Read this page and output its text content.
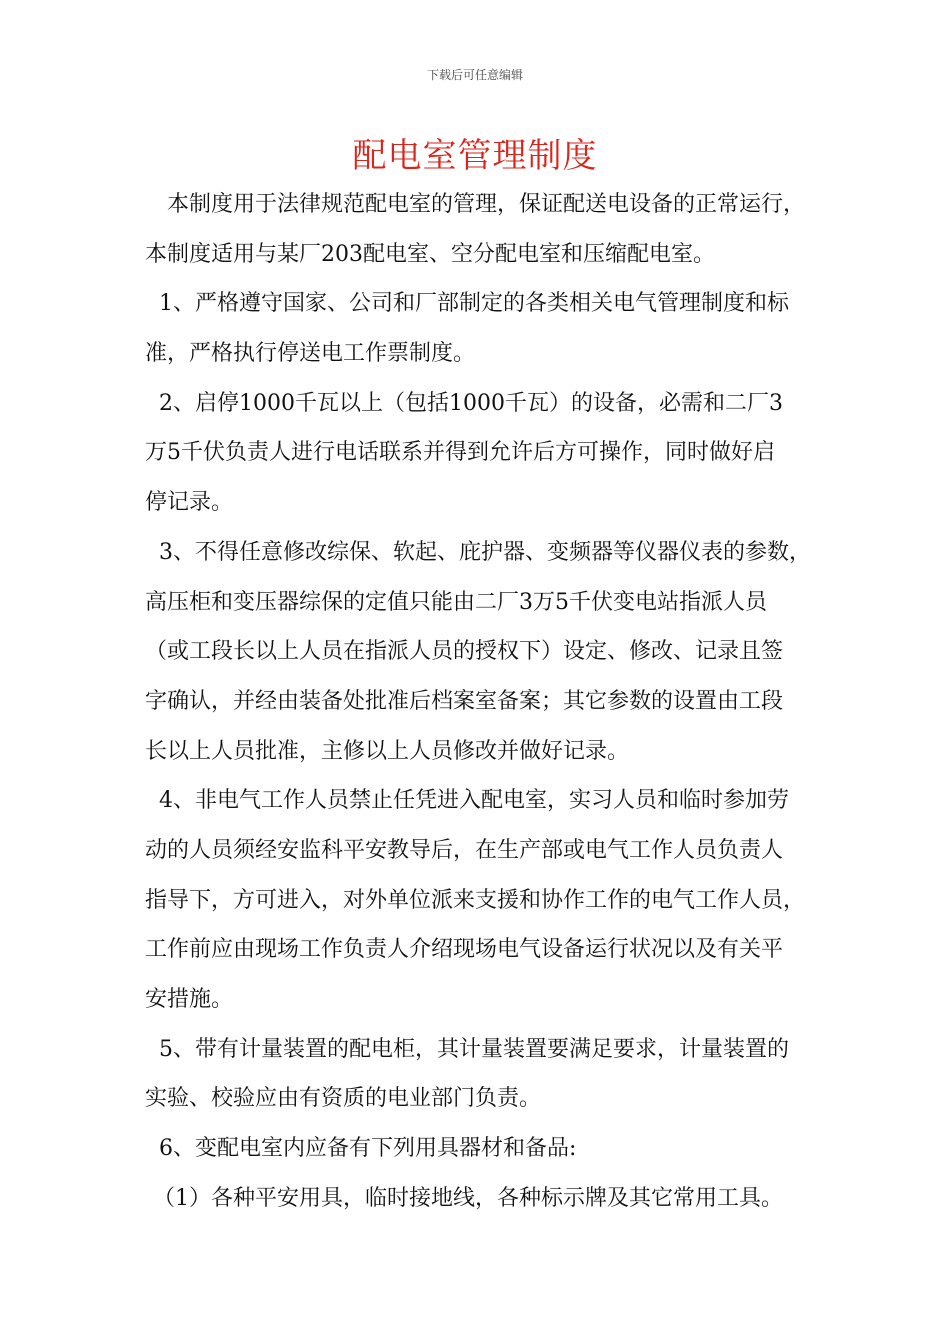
下载后可任意编辑
配电室管理制度
本制度用于法律规范配电室的管理，保证配送电设备的正常运行，
本制度适用与某厂203配电室、空分配电室和压缩配电室。
1、严格遵守国家、公司和厂部制定的各类相关电气管理制度和标
准，严格执行停送电工作票制度。
2、启停1000千瓦以上（包括1000千瓦）的设备，必需和二厂3
万5千伏负责人进行电话联系并得到允许后方可操作，同时做好启
停记录。
3、不得任意修改综保、软起、庇护器、变频器等仪器仪表的参数，
高压柜和变压器综保的定值只能由二厂3万5千伏变电站指派人员
（或工段长以上人员在指派人员的授权下）设定、修改、记录且签
字确认，并经由装备处批准后档案室备案；其它参数的设置由工段
长以上人员批准，主修以上人员修改并做好记录。
4、非电气工作人员禁止任凭进入配电室，实习人员和临时参加劳
动的人员须经安监科平安教导后，在生产部或电气工作人员负责人
指导下，方可进入，对外单位派来支援和协作工作的电气工作人员，
工作前应由现场工作负责人介绍现场电气设备运行状况以及有关平
安措施。
5、带有计量装置的配电柜，其计量装置要满足要求，计量装置的
实验、校验应由有资质的电业部门负责。
6、变配电室内应备有下列用具器材和备品:
（1）各种平安用具，临时接地线，各种标示牌及其它常用工具。
